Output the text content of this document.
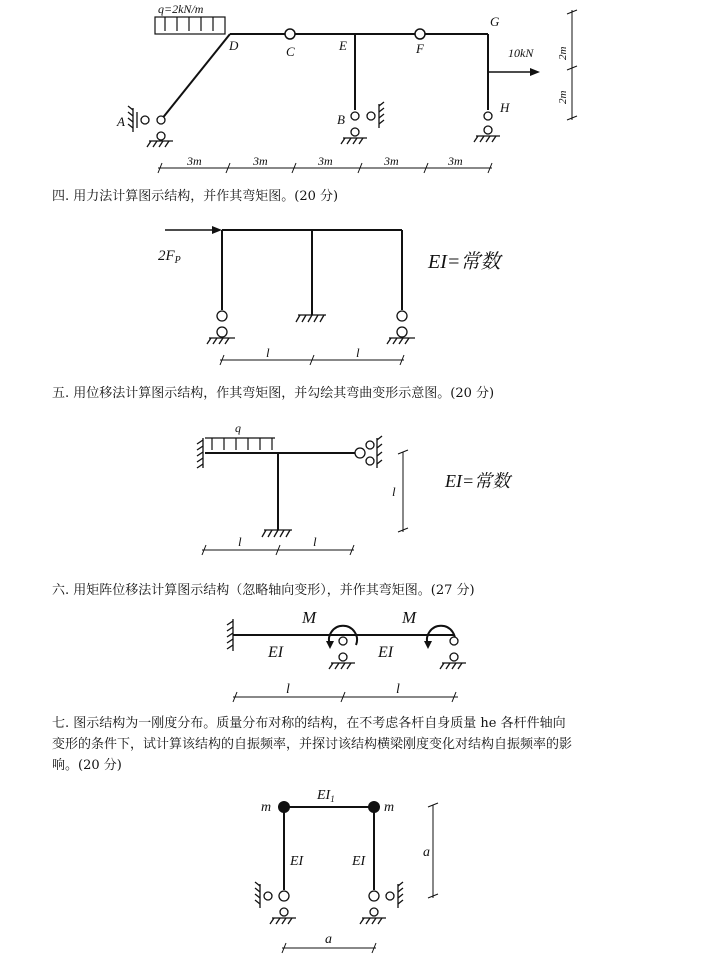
q=2kN/m
D	C	E	F
G
A	B
H
10kN 2m
2m
3m	3m	3m	3m	3m
四. 用力法计算图示结构，并作其弯矩图。(20 分)
$2F_P$	EI=常数
l	l
五. 用位移法计算图示结构，作其弯矩图，并勾绘其弯曲变形示意图。(20 分)
q
l
EI=常数
l	l
六. 用矩阵位移法计算图示结构（忽略轴向变形），并作其弯矩图。(27 分)
M	M
EI	EI
l	l
七. 图示结构为一刚度分布。质量分布对称的结构，在不考虑各杆自身质量 he 各杆件轴向
变形的条件下，试计算该结构的自振频率，并探讨该结构横梁刚度变化对结构自振频率的影
响。(20 分)
m	m
$EI_1$
EI	EI
a
a
